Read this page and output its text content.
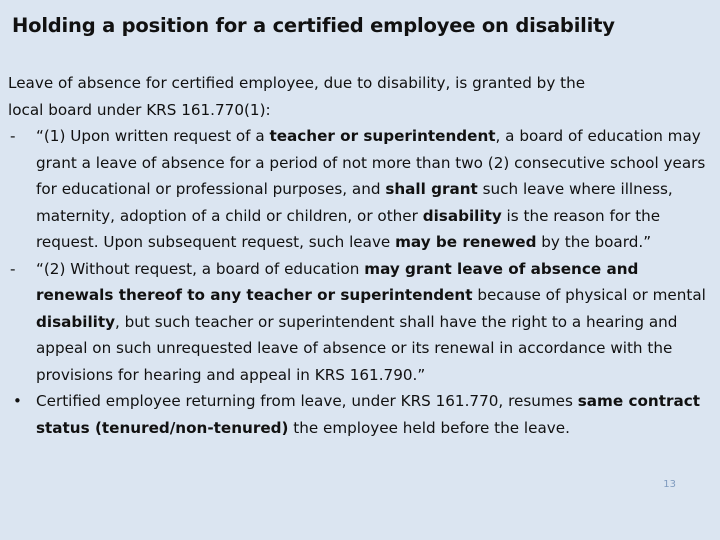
Holding a position for a certified employee on disability

Leave of absence for certified employee, due to disability, is granted by the

local board under KRS 161.770(1):

-	“(1) Upon written request of a teacher or superintendent, a board of education may grant a leave of absence for a period of not more than two (2) consecutive school years for educational or professional purposes, and shall grant such leave where illness, maternity, adoption of a child or children, or other disability is the reason for the request. Upon subsequent request, such leave may be renewed by the board.”
-	“(2) Without request, a board of education may grant leave of absence and renewals thereof to any teacher or superintendent because of physical or mental disability, but such teacher or superintendent shall have the right to a hearing and appeal on such unrequested leave of absence or its renewal in accordance with the provisions for hearing and appeal in KRS 161.790.”
• Certified employee returning from leave, under KRS 161.770, resumes same contract status (tenured/non-tenured) the employee held before the leave.
13
